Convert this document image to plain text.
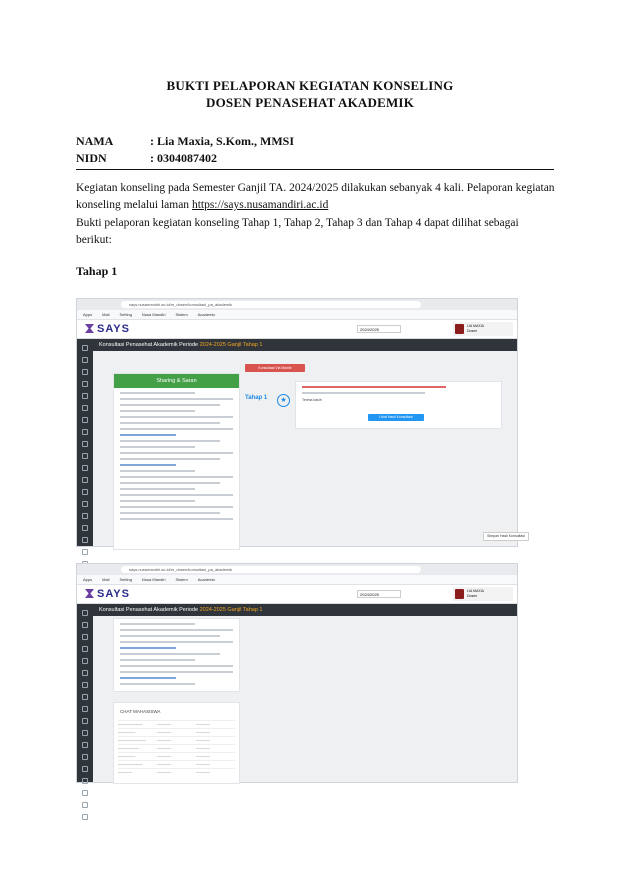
BUKTI PELAPORAN KEGIATAN KONSELING
DOSEN PENASEHAT AKADEMIK
NAMA	: Lia Maxia, S.Kom., MMSI
NIDN	: 0304087402
Kegiatan konseling pada Semester Ganjil TA. 2024/2025 dilakukan sebanyak 4 kali. Pelaporan kegiatan konseling melalui laman https://says.nusamandiri.ac.id
Bukti pelaporan kegiatan konseling Tahap 1, Tahap 2, Tahap 3 dan Tahap 4 dapat dilihat sebagai berikut:
Tahap 1
says.nusamandiri.ac.id/m_dosen/konsultasi_pa_akademik
Apps	Mail	Setting	Nusa Mandiri	Sistem	Academic
SAYS	2024/2025
LIA MAXIA
Dosen
Konsultasi Penasehat Akademik Periode 2024-2025 Ganjil Tahap 1
Sharing & Saran
Konsultasi Via Mobile
Tahap 1	★	Terima kasih
Lihat Hasil Konsultasi
Simpan Hasil Konsultasi
says.nusamandiri.ac.id/m_dosen/konsultasi_pa_akademik
Apps	Mail	Setting	Nusa Mandiri	Sistem	Academic
SAYS	2024/2025
LIA MAXIA
Dosen
Konsultasi Penasehat Akademik Periode 2024-2025 Ganjil Tahap 1
CHAT MAHASISWA
———————	————	————
—————	————	————
————————	————	————
——————	————	————
—————	————	————
———————	————	————
————	————	————
